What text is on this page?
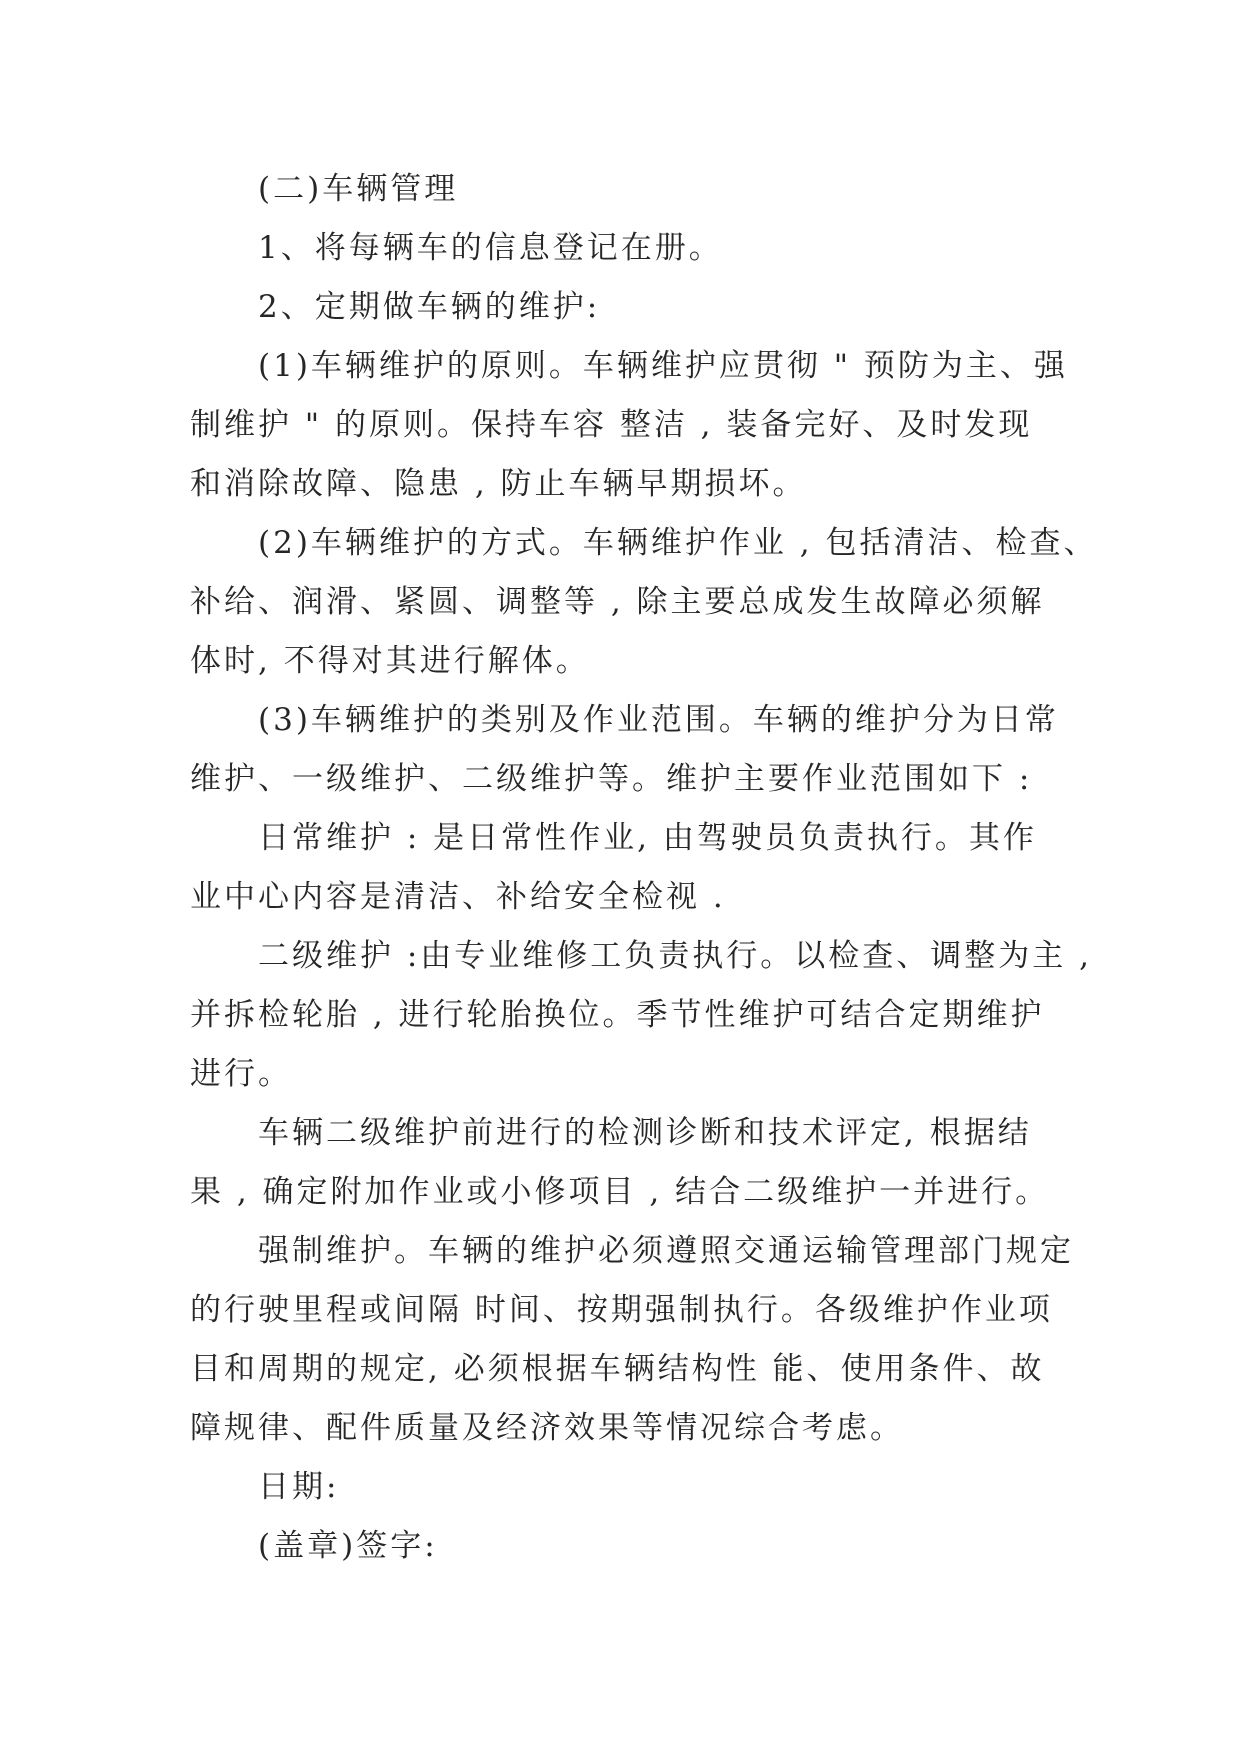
(二)车辆管理
1、将每辆车的信息登记在册。
2、定期做车辆的维护:
(1)车辆维护的原则。车辆维护应贯彻 " 预防为主、强
制维护 " 的原则。保持车容 整洁 , 装备完好、及时发现
和消除故障、隐患 , 防止车辆早期损坏。
(2)车辆维护的方式。车辆维护作业 , 包括清洁、检查、
补给、润滑、紧圆、调整等 , 除主要总成发生故障必须解
体时, 不得对其进行解体。
(3)车辆维护的类别及作业范围。车辆的维护分为日常
维护、一级维护、二级维护等。维护主要作业范围如下 :
日常维护 : 是日常性作业, 由驾驶员负责执行。其作
业中心内容是清洁、补给安全检视 .
二级维护 :由专业维修工负责执行。以检查、调整为主 ,
并拆检轮胎 , 进行轮胎换位。季节性维护可结合定期维护
进行。
车辆二级维护前进行的检测诊断和技术评定, 根据结
果 , 确定附加作业或小修项目 , 结合二级维护一并进行。
强制维护。车辆的维护必须遵照交通运输管理部门规定
的行驶里程或间隔 时间、按期强制执行。各级维护作业项
目和周期的规定, 必须根据车辆结构性 能、使用条件、故
障规律、配件质量及经济效果等情况综合考虑。
日期:
(盖章)签字:
